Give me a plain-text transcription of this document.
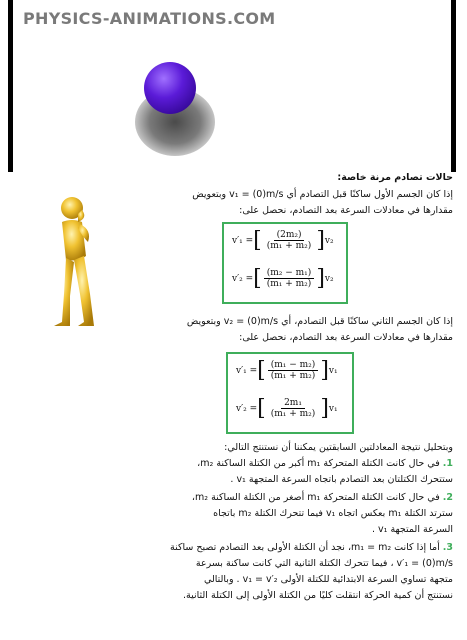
PHYSICS-ANIMATIONS.COM
حالات تصادم مرنة خاصة:
إذا كان الجسم الأول ساكنًا قبل التصادم أي v₁ = (0)m/s وبتعويض
مقدارها في معادلات السرعة بعد التصادم، نحصل على:
v′₁ = [ $\frac{\text{(2m₂)}}{\text{(m₁ + m₂)}}$ ] v₂
v′₂ = [ $\frac{\text{(m₂ − m₁)}}{\text{(m₁ + m₂)}}$ ] v₂
إذا كان الجسم الثاني ساكنًا قبل التصادم، أي v₂ = (0)m/s وبتعويض
مقدارها في معادلات السرعة بعد التصادم، نحصل على:
v′₁ = [ $\frac{\text{(m₁ − m₂)}}{\text{(m₁ + m₂)}}$ ] v₁
v′₂ = [ $\frac{\text{2m₁}}{\text{(m₁ + m₂)}}$ ] v₁
وبتحليل نتيجة المعادلتين السابقتين يمكننا أن نستنتج التالي:
1. في حال كانت الكتلة المتحركة m₁ أكبر من الكتلة الساكنة m₂،
ستتحرك الكتلتان بعد التصادم باتجاه السرعة المتجهة v₁ .
2. في حال كانت الكتلة المتحركة m₁ أصغر من الكتلة الساكنة m₂،
سترتد الكتلة m₁ بعكس اتجاه v₁ فيما تتحرك الكتلة m₂ باتجاه
السرعة المتجهة v₁ .
3. أما إذا كانت m₁ = m₂، نجد أن الكتلة الأولى بعد التصادم تصبح ساكنة
v′₁ = (0)m/s ، فيما تتحرك الكتلة الثانية التي كانت ساكنة بسرعة
متجهة تساوي السرعة الابتدائية للكتلة الأولى v₁ = v′₂ . وبالتالي
نستنتج أن كمية الحركة انتقلت كليًا من الكتلة الأولى إلى الكتلة الثانية.
